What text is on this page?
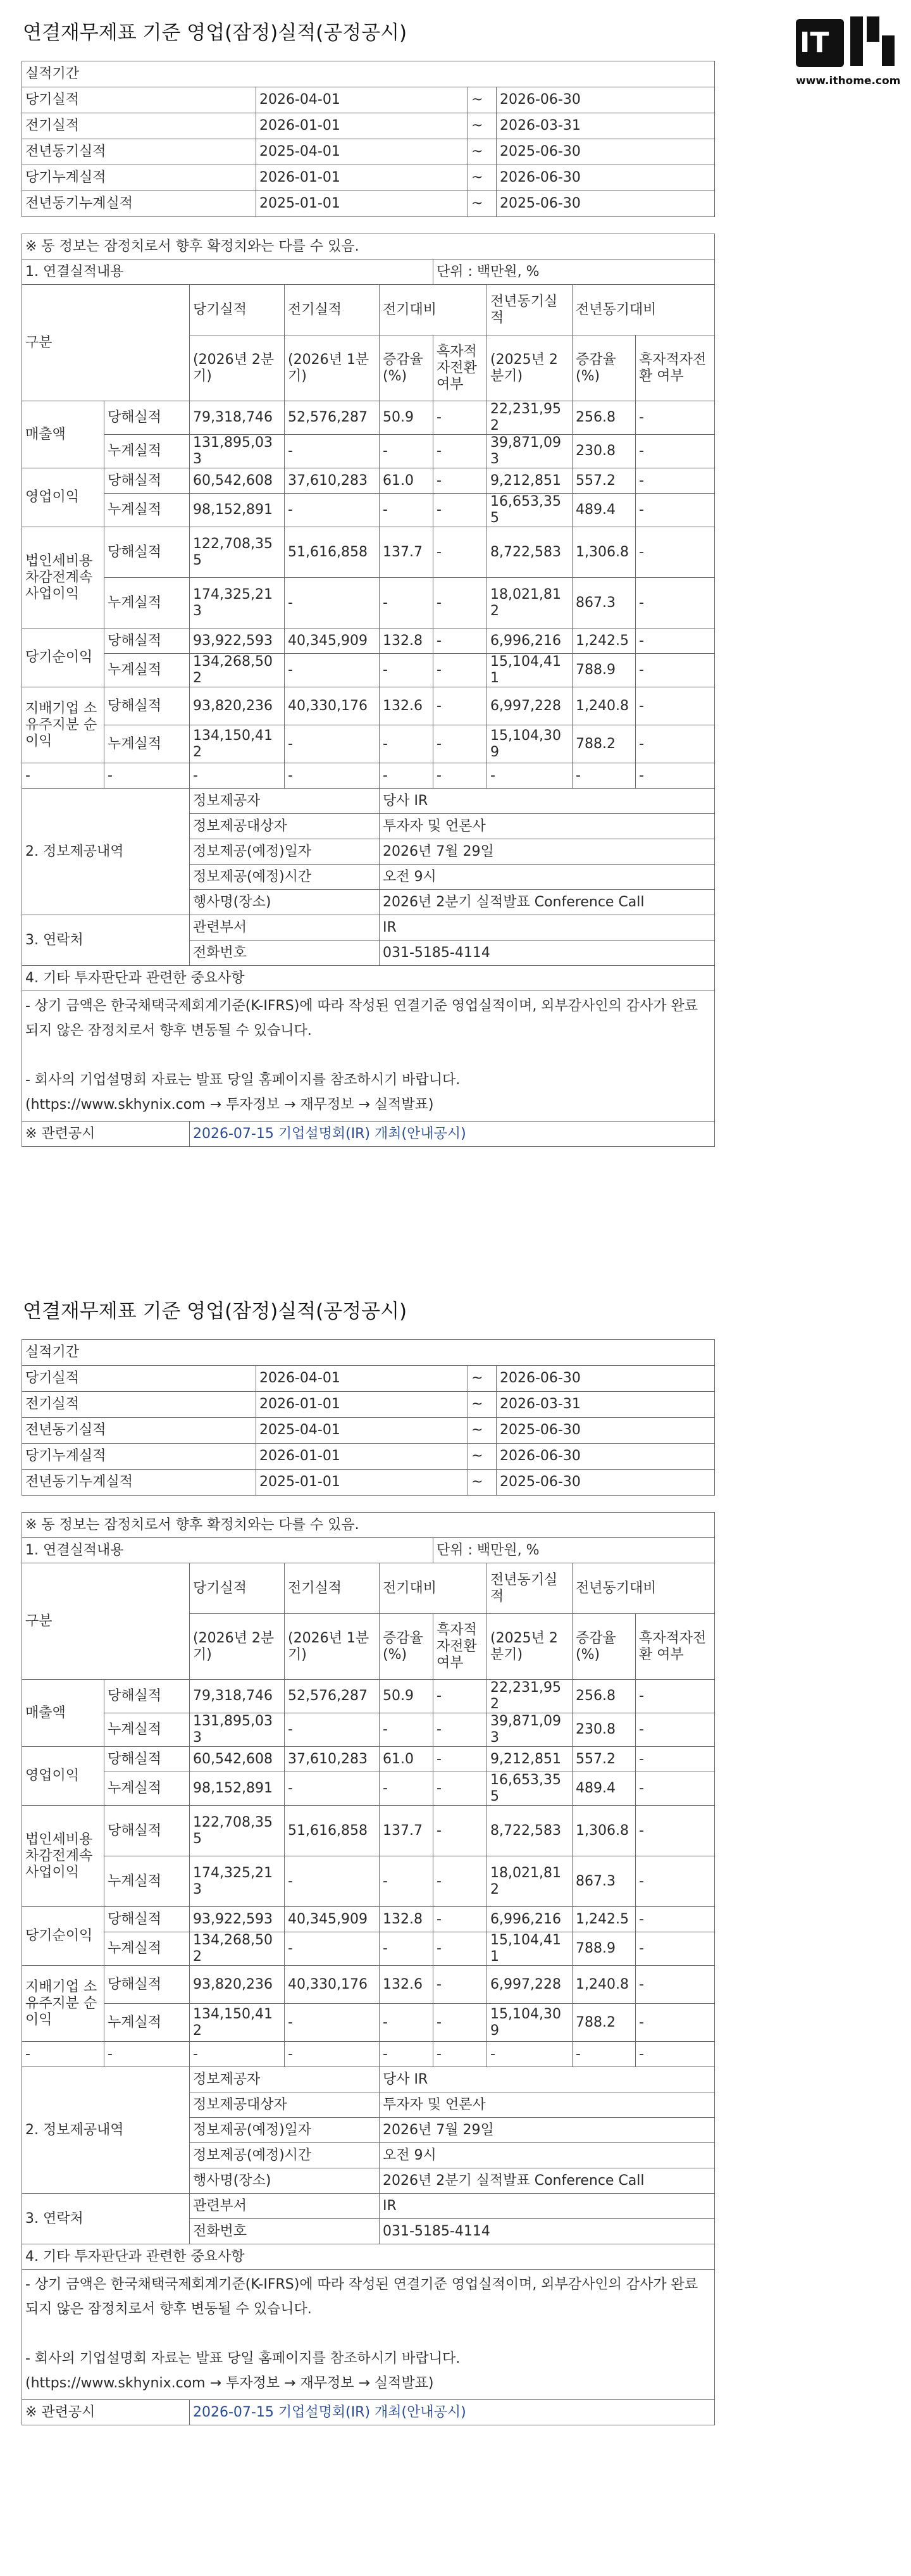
IT
www.ithome.com
연결재무제표 기준 영업(잠정)실적(공정공시)
실적기간			
당기실적	2026-04-01	~	2026-06-30
전기실적	2026-01-01	~	2026-03-31
전년동기실적	2025-04-01	~	2025-06-30
당기누계실적	2026-01-01	~	2026-06-30
전년동기누계실적	2025-01-01	~	2025-06-30
※ 동 정보는 잠정치로서 향후 확정치와는 다를 수 있음.								
1. 연결실적내용					단위 : 백만원, %			
구분		당기실적	전기실적	전기대비		전년동기실적	전년동기대비	
		(2026년 2분기)	(2026년 1분기)	증감율 (%)	흑자적자전환 여부	(2025년 2분기)	증감율 (%)	흑자적자전환 여부
매출액	당해실적	79,318,746	52,576,287	50.9	-	22,231,952	256.8	-
	누계실적	131,895,033	-	-	-	39,871,093	230.8	-
영업이익	당해실적	60,542,608	37,610,283	61.0	-	9,212,851	557.2	-
	누계실적	98,152,891	-	-	-	16,653,355	489.4	-
법인세비용차감전계속사업이익	당해실적	122,708,355	51,616,858	137.7	-	8,722,583	1,306.8	-
	누계실적	174,325,213	-	-	-	18,021,812	867.3	-
당기순이익	당해실적	93,922,593	40,345,909	132.8	-	6,996,216	1,242.5	-
	누계실적	134,268,502	-	-	-	15,104,411	788.9	-
지배기업 소유주지분 순이익	당해실적	93,820,236	40,330,176	132.6	-	6,997,228	1,240.8	-
	누계실적	134,150,412	-	-	-	15,104,309	788.2	-
-	-	-	-	-	-	-	-	-
2. 정보제공내역		정보제공자		당사 IR				
		정보제공대상자		투자자 및 언론사				
		정보제공(예정)일자		2026년 7월 29일				
		정보제공(예정)시간		오전 9시				
		행사명(장소)		2026년 2분기 실적발표 Conference Call				
3. 연락처		관련부서		IR				
		전화번호		031-5185-4114				
4. 기타 투자판단과 관련한 중요사항								

- 상기 금액은 한국채택국제회계기준(K-IFRS)에 따라 작성된 연결기준 영업실적이며, 외부감사인의 감사가 완료되지 않은 잠정치로서 향후 변동될 수 있습니다.
- 회사의 기업설명회 자료는 발표 당일 홈페이지를 참조하시기 바랍니다.
(https://www.skhynix.com → 투자정보 → 재무정보 → 실적발표)								

※ 관련공시		2026-07-15 기업설명회(IR) 개최(안내공시)						
연결재무제표 기준 영업(잠정)실적(공정공시)
실적기간			
당기실적	2026-04-01	~	2026-06-30
전기실적	2026-01-01	~	2026-03-31
전년동기실적	2025-04-01	~	2025-06-30
당기누계실적	2026-01-01	~	2026-06-30
전년동기누계실적	2025-01-01	~	2025-06-30
※ 동 정보는 잠정치로서 향후 확정치와는 다를 수 있음.								
1. 연결실적내용					단위 : 백만원, %			
구분		당기실적	전기실적	전기대비		전년동기실적	전년동기대비	
		(2026년 2분기)	(2026년 1분기)	증감율 (%)	흑자적자전환 여부	(2025년 2분기)	증감율 (%)	흑자적자전환 여부
매출액	당해실적	79,318,746	52,576,287	50.9	-	22,231,952	256.8	-
	누계실적	131,895,033	-	-	-	39,871,093	230.8	-
영업이익	당해실적	60,542,608	37,610,283	61.0	-	9,212,851	557.2	-
	누계실적	98,152,891	-	-	-	16,653,355	489.4	-
법인세비용차감전계속사업이익	당해실적	122,708,355	51,616,858	137.7	-	8,722,583	1,306.8	-
	누계실적	174,325,213	-	-	-	18,021,812	867.3	-
당기순이익	당해실적	93,922,593	40,345,909	132.8	-	6,996,216	1,242.5	-
	누계실적	134,268,502	-	-	-	15,104,411	788.9	-
지배기업 소유주지분 순이익	당해실적	93,820,236	40,330,176	132.6	-	6,997,228	1,240.8	-
	누계실적	134,150,412	-	-	-	15,104,309	788.2	-
-	-	-	-	-	-	-	-	-
2. 정보제공내역		정보제공자		당사 IR				
		정보제공대상자		투자자 및 언론사				
		정보제공(예정)일자		2026년 7월 29일				
		정보제공(예정)시간		오전 9시				
		행사명(장소)		2026년 2분기 실적발표 Conference Call				
3. 연락처		관련부서		IR				
		전화번호		031-5185-4114				
4. 기타 투자판단과 관련한 중요사항								

- 상기 금액은 한국채택국제회계기준(K-IFRS)에 따라 작성된 연결기준 영업실적이며, 외부감사인의 감사가 완료되지 않은 잠정치로서 향후 변동될 수 있습니다.
- 회사의 기업설명회 자료는 발표 당일 홈페이지를 참조하시기 바랍니다.
(https://www.skhynix.com → 투자정보 → 재무정보 → 실적발표)								

※ 관련공시		2026-07-15 기업설명회(IR) 개최(안내공시)						
